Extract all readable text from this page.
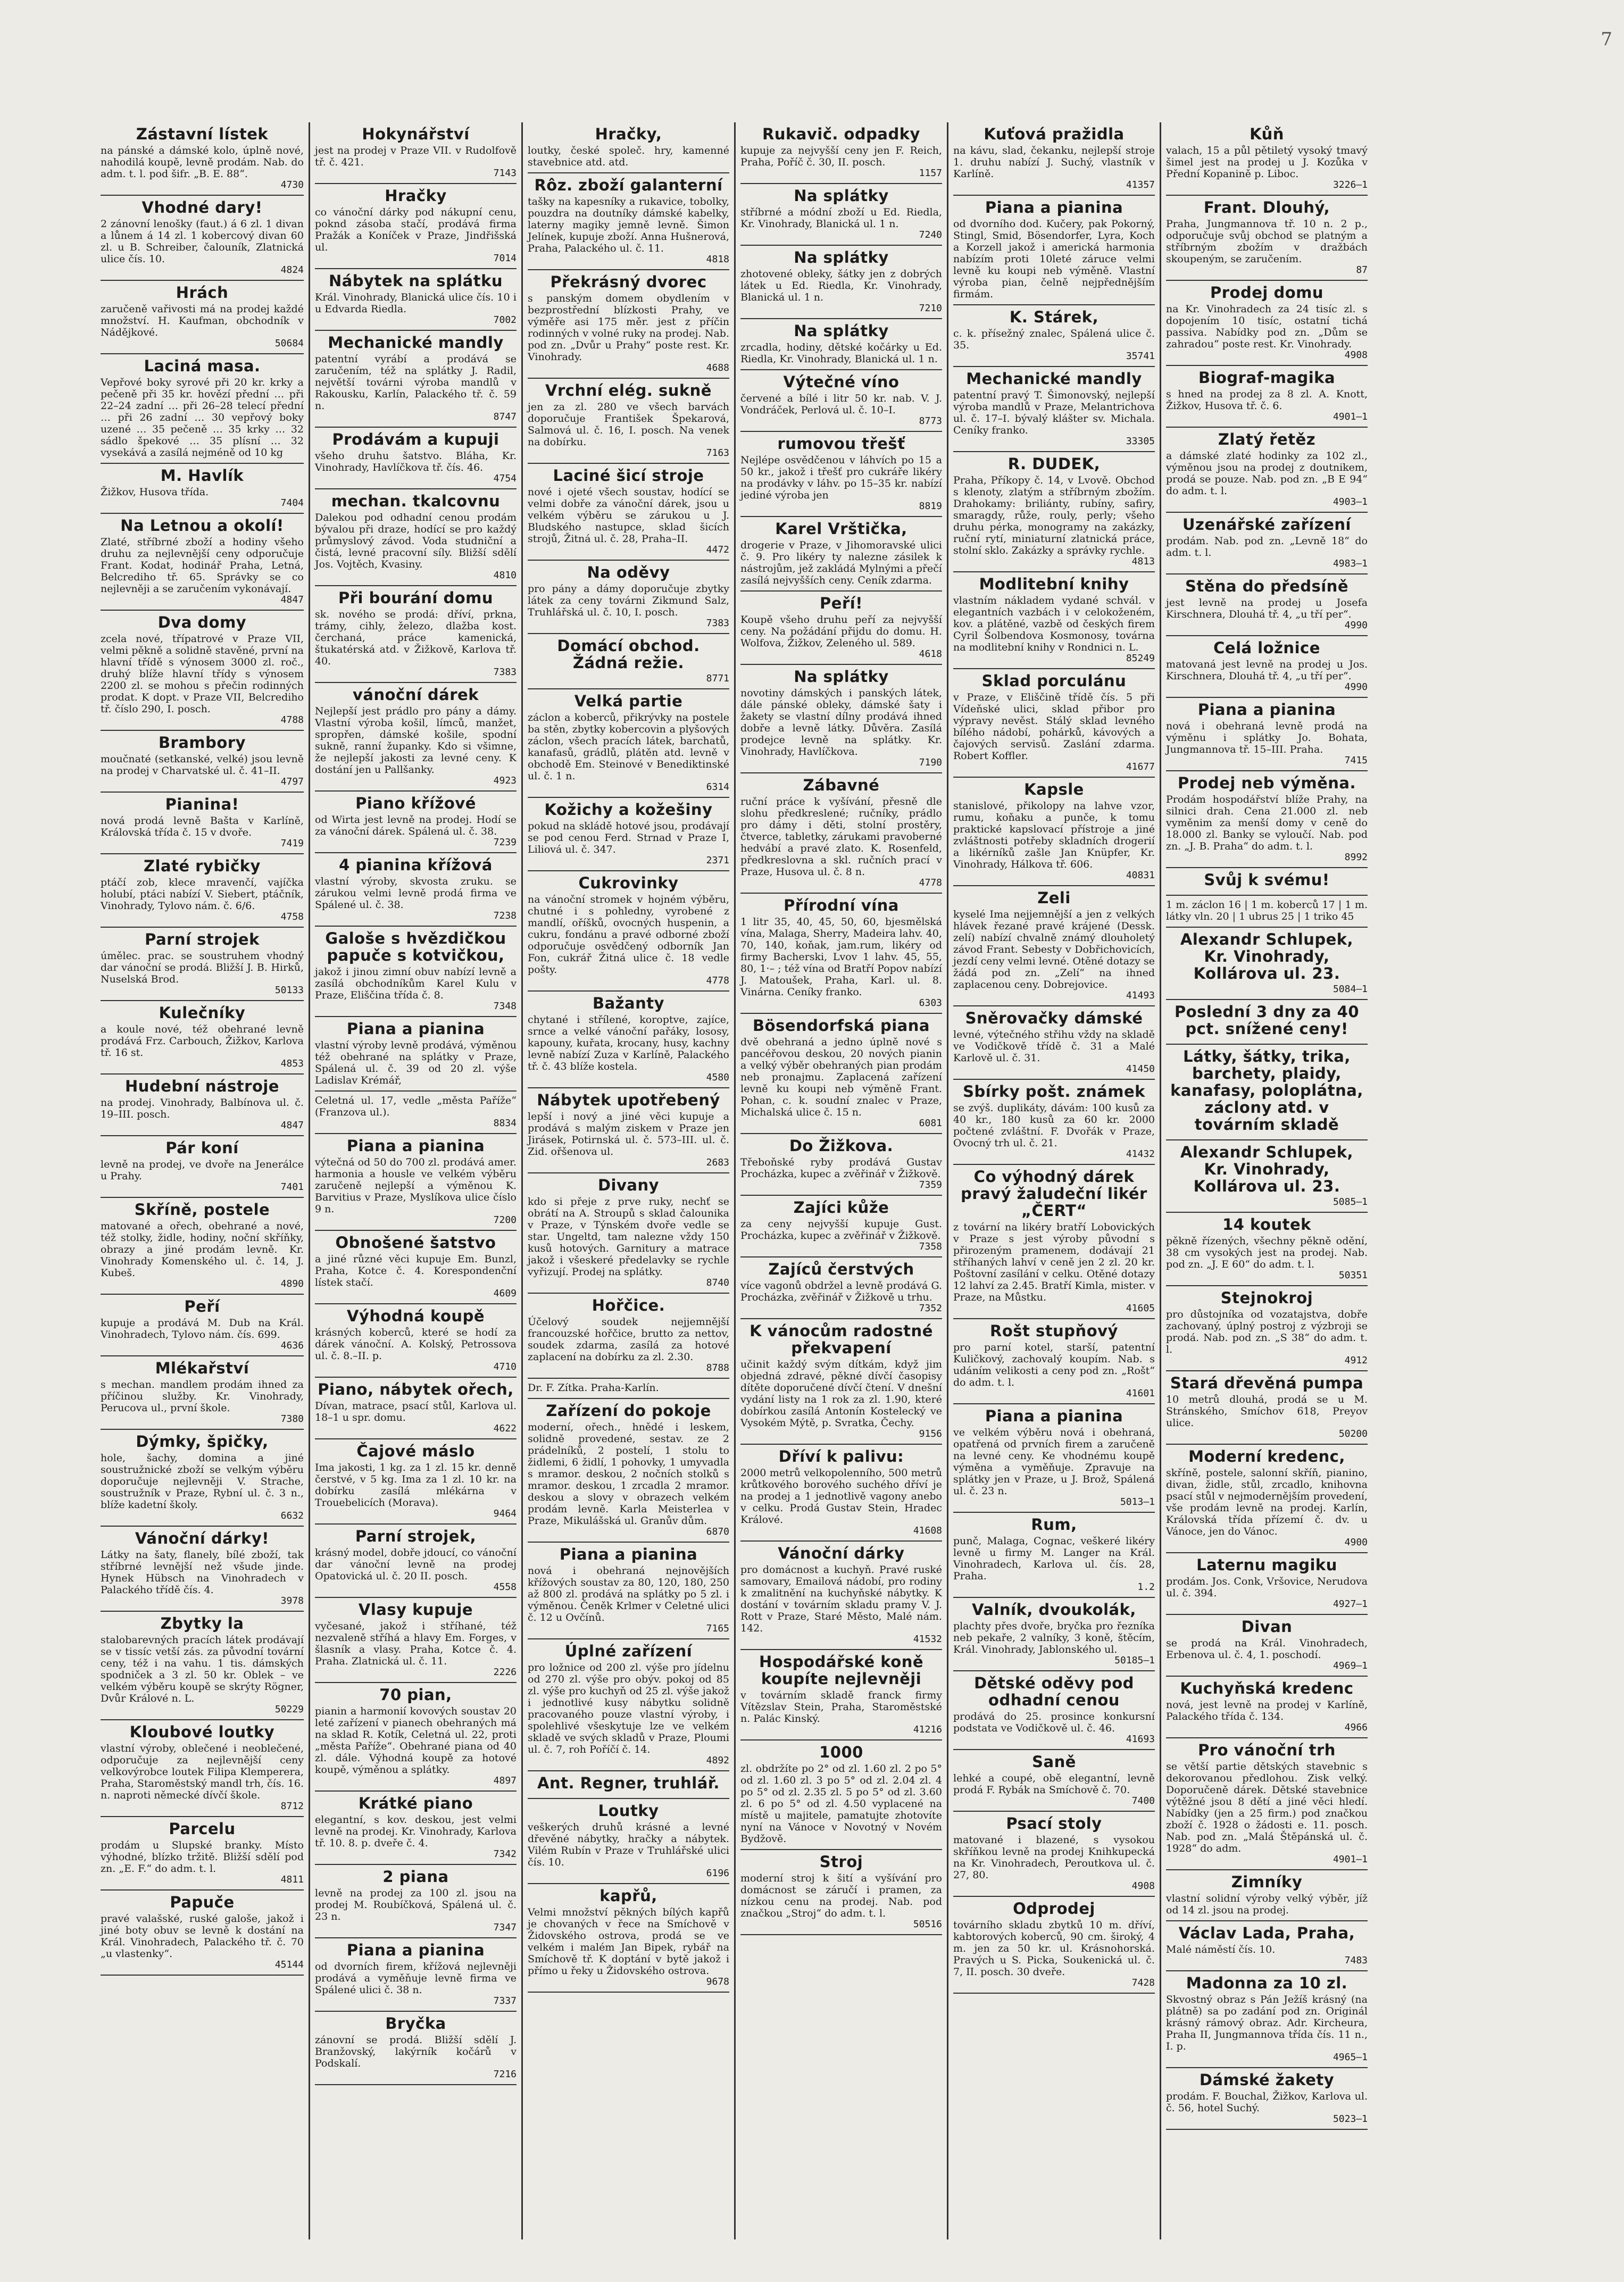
7
Zástavní lístek

na pánské a dámské kolo, úplně nové, nahodilá koupě, levně prodám. Nab. do adm. t. l. pod šifr. „B. E. 88“.

4730
Vhodné dary!

2 zánovní lenošky (faut.) á 6 zl. 1 divan a lůnem á 14 zl. 1 kobercový divan 60 zl. u B. Schreiber, čalouník, Zlatnická ulice čís. 10.

4824
Hrách

zaručeně vařivosti má na prodej každé množství. H. Kaufman, obchodník v Nádějkové.

50684
Laciná masa.

Vepřové boky syrové při 20 kr. krky a pečeně při 35 kr. hovězí přední … při 22–24 zadní … při 26–28 telecí přední … při 26 zadní … 30 vepřový boky uzené … 35 pečeně … 35 krky … 32 sádlo špekové … 35 plísní … 32 vysekává a zasílá nejméně od 10 kg

M. Havlík

Žižkov, Husova třída.

7404
Na Letnou a okolí!

Zlaté, stříbrné zboží a hodiny všeho druhu za nejlevnější ceny odporučuje Frant. Kodat, hodinář Praha, Letná, Belcrediho tř. 65. Správky se co nejlevněji a se zaručením vykonávají.

4847
Dva domy

zcela nové, třípatrové v Praze VII, velmi pěkně a solidně stavěné, první na hlavní třídě s výnosem 3000 zl. roč., druhý blíže hlavní třídy s výnosem 2200 zl. se mohou s přečin rodinných prodat. K dopt. v Praze VII, Belcrediho tř. číslo 290, I. posch.

4788
Brambory

moučnaté (setkanské, velké) jsou levně na prodej v Charvatské ul. č. 41–II.

4797
Pianina!

nová prodá levně Bašta v Karlíně, Královská třída č. 15 v dvoře.

7419
Zlaté rybičky

ptáčí zob, klece mravenčí, vajíčka holubí, ptáci nabízí V. Siebert, ptáčník, Vinohrady, Tylovo nám. č. 6/6.

4758
Parní strojek

úmělec. prac. se soustruhem vhodný dar vánoční se prodá. Bližší J. B. Hirků, Nuselská Brod.

50133
Kulečníky

a koule nové, též obehrané levně prodává Frz. Carbouch, Žižkov, Karlova tř. 16 st.

4853
Hudební nástroje

na prodej. Vinohrady, Balbínova ul. č. 19–III. posch.

4847
Pár koní

levně na prodej, ve dvoře na Jenerálce u Prahy.

7401
Skříně, postele

matované a ořech, obehrané a nové, též stolky, židle, hodiny, noční skříňky, obrazy a jiné prodám levně. Kr. Vinohrady Komenského ul. č. 14, J. Kubeš.

4890
Peří

kupuje a prodává M. Dub na Král. Vinohradech, Tylovo nám. čís. 699.

4636
Mlékařství

s mechan. mandlem prodám ihned za příčinou služby. Kr. Vinohrady, Perucova ul., první škole.

7380
Dýmky, špičky,

hole, šachy, domina a jiné soustružnické zboží se velkým výběru doporučuje nejlevněji V. Strache, soustružník v Praze, Rybní ul. č. 3 n., blíže kadetní školy.

6632
Vánoční dárky!

Látky na šaty, flanely, bílé zboží, tak stříbrné levnější než všude jinde. Hynek Hübsch na Vinohradech v Palackého třídě čís. 4.

3978
Zbytky la

stalobarevných pracích látek prodávají se v tissíc vetší zás. za původní tovární ceny, též i na vahu. 1 tis. dámských spodniček a 3 zl. 50 kr. Oblek – ve velkém výběru koupě se skrýty Rögner, Dvůr Králové n. L.

50229
Kloubové loutky

vlastní výroby, oblečené i neoblečené, odporučuje za nejlevnější ceny velkovýrobce loutek Filipa Klemperera, Praha, Staroměstský mandl trh, čís. 16. n. naproti německé dívčí škole.

8712
Parcelu

prodám u Slupské branky. Místo výhodné, blízko tržitě. Bližší sdělí pod zn. „E. F.“ do adm. t. l.

4811
Papuče

pravé valašské, ruské galoše, jakož i jiné boty obuv se levně k dostání na Král. Vinohradech, Palackého tř. č. 70 „u vlastenky“.

45144
Hokynářství

jest na prodej v Praze VII. v Rudolfově tř. č. 421.

7143
Hračky

co vánoční dárky pod nákupní cenu, poknd zásoba stačí, prodává firma Pražák a Koníček v Praze, Jindřišská ul.

7014
Nábytek na splátku

Král. Vinohrady, Blanická ulice čís. 10 i u Edvarda Riedla.

7002
Mechanické mandly

patentní vyrábí a prodává se zaručením, též na splátky J. Radil, největší továrni výroba mandlů v Rakousku, Karlín, Palackého tř. č. 59 n.

8747
Prodávám a kupuji

všeho druhu šatstvo. Bláha, Kr. Vinohrady, Havlíčkova tř. čís. 46.

4754
mechan. tkalcovnu

Dalekou pod odhadní cenou prodám bývalou při draze, hodící se pro každý průmyslový závod. Voda studniční a čistá, levné pracovní síly. Bližší sdělí Jos. Vojtěch, Kvasiny.

4810
Při bourání domu

sk. nového se prodá: dříví, prkna, trámy, cihly, železo, dlažba kost. čerchaná, práce kamenická, štukatérská atd. v Žižkově, Karlova tř. 40.

7383
vánoční dárek

Nejlepší jest prádlo pro pány a dámy. Vlastní výroba košil, límců, manžet, spropřen, dámské košile, spodní sukně, ranní županky. Kdo si všimne, že nejlepší jakosti za levné ceny. K dostání jen u Pallšanky.

4923
Piano křížové

od Wirta jest levně na prodej. Hodí se za vánoční dárek. Spálená ul. č. 38.

7239
4 pianina křížová

vlastní výroby, skvosta zruku. se zárukou velmi levně prodá firma ve Spálené ul. č. 38.

7238
Galoše s hvězdičkou papuče s kotvičkou,

jakož i jinou zimní obuv nabízí levně a zasílá obchodníkům Karel Kulu v Praze, Eliščina třída č. 8.

7348
Piana a pianina

vlastní výroby levně prodává, výměnou též obehrané na splátky v Praze, Spálená ul. č. 39 od 20 zl. výše Ladislav Krémář,

Celetná ul. 17, vedle „města Paříže“ (Franzova ul.).

8834
Piana a pianina

výtečná od 50 do 700 zl. prodává amer. harmonia a housle ve velkém výběru zaručeně nejlepší a výměnou K. Barvitius v Praze, Myslíkova ulice číslo 9 n.

7200
Obnošené šatstvo

a jiné různé věci kupuje Em. Bunzl, Praha, Kotce č. 4. Korespondenční lístek stačí.

4609
Výhodná koupě

krásných koberců, které se hodí za dárek vánoční. A. Kolský, Petrossova ul. č. 8.–II. p.

4710
Piano, nábytek ořech,

Dívan, matrace, psací stůl, Karlova ul. 18–1 u spr. domu.

4622
Čajové máslo

Ima jakosti, 1 kg. za 1 zl. 15 kr. denně čerstvé, v 5 kg. Ima za 1 zl. 10 kr. na dobírku zasílá mlékárna v Trouebelicích (Morava).

9464
Parní strojek,

krásný model, dobře jdoucí, co vánoční dar vánoční levně na prodej Opatovická ul. č. 20 II. posch.

4558
Vlasy kupuje

vyčesané, jakož i stříhané, též nezvaleně stříhá a hlavy Em. Forges, v šlasník a vlasy. Praha, Kotce č. 4. Praha. Zlatnická ul. č. 11.

2226
70 pian,

pianin a harmonií kovových soustav 20 leté zařízení v pianech obehraných má na sklad R. Kotík, Celetná ul. 22, proti „města Paříže“. Obehrané piana od 40 zl. dále. Výhodná koupě za hotové koupě, výměnou a splátky.

4897
Krátké piano

elegantní, s kov. deskou, jest velmi levně na prodej. Kr. Vinohrady, Karlova tř. 10. 8. p. dveře č. 4.

7342
2 piana

levně na prodej za 100 zl. jsou na prodej M. Roubíčková, Spálená ul. č. 23 n.

7347
Piana a pianina

od dvorních firem, křížová nejlevněji prodává a vyměňuje levně firma ve Spálené ulici č. 38 n.

7337
Bryčka

zánovní se prodá. Bližší sdělí J. Branžovský, lakýrník kočárů v Podskalí.

7216
Hračky,

loutky, české společ. hry, kamenné stavebnice atd. atd.

Rôz. zboží galanterní

tašky na kapesníky a rukavice, tobolky, pouzdra na doutníky dámské kabelky, laterny magiky jemně levně. Šimon Jelínek, kupuje zboží. Anna Hušnerová, Praha, Palackého ul. č. 11.

4818
Překrásný dvorec

s panským domem obydlením v bezprostřední blízkosti Prahy, ve výměře asi 175 měr. jest z příčin rodinných v volné ruky na prodej. Nab. pod zn. „Dvůr u Prahy“ poste rest. Kr. Vinohrady.

4688
Vrchní elég. sukně

jen za zl. 280 ve všech barvách doporučuje František Špekarová, Salmová ul. č. 16, I. posch. Na venek na dobírku.

7163
Laciné šicí stroje

nové i ojeté všech soustav, hodící se velmi dobře za vánoční dárek, jsou u velkém výběru se zárukou u J. Bludského nastupce, sklad šicích strojů, Žitná ul. č. 28, Praha–II.

4472
Na oděvy

pro pány a dámy doporučuje zbytky látek za ceny továrni Zikmund Salz, Truhlářská ul. č. 10, I. posch.

7383
Domácí obchod. Žádná režie.
8771
Velká partie

záclon a koberců, přikrývky na postele ba stěn, zbytky kobercovin a plyšových záclon, všech pracích látek, barchatů, kanafasů, grádlů, plátěn atd. levně v obchodě Em. Steinové v Benediktinské ul. č. 1 n.

6314
Kožichy a kožešiny

pokud na skládě hotové jsou, prodávají se pod cenou Ferd. Strnad v Praze I, Liliová ul. č. 347.

2371
Cukrovinky

na vánoční stromek v hojném výběru, chutné i s pohledny, vyrobené z mandlí, oříšků, ovocných huspenin, a cukru, fondánu a pravé odborné zboží odporučuje osvědčený odborník Jan Fon, cukrář Žitná ulice č. 18 vedle pošty.

4778
Bažanty

chytané i střílené, koroptve, zajíce, srnce a velké vánoční pařáky, lososy, kapouny, kuřata, krocany, husy, kachny levně nabízí Zuza v Karlíně, Palackého tř. č. 43 blíže kostela.

4580
Nábytek upotřebený

lepší i nový a jiné věci kupuje a prodává s malým ziskem v Praze jen Jirásek, Potirnská ul. č. 573–III. ul. č. Zid. ořšenova ul.

2683
Divany

kdo si přeje z prve ruky, nechť se obrátí na A. Stroupů s sklad čalounika v Praze, v Týnském dvoře vedle se star. Ungeltd, tam nalezne vždy 150 kusů hotových. Garnitury a matrace jakož i všeskeré předelavky se rychle vyřizují. Prodej na splátky.

8740
Hořčice.

Účelový soudek nejjemnější francouzské hořčice, brutto za nettov, soudek zdarma, zasílá za hotové zaplacení na dobírku za zl. 2.30.

8788

Dr. F. Zítka. Praha-Karlín.

Zařízení do pokoje

moderní, ořech., hnědé i leskem, solidně provedené, sestav. ze 2 prádelníků, 2 postelí, 1 stolu to židlemi, 6 židlí, 1 pohovky, 1 umyvadla s mramor. deskou, 2 nočních stolků s mramor. deskou, 1 zrcadla 2 mramor. deskou a slovy v obrazech velkém prodám levně. Karla Meisterlea v Praze, Mikulášská ul. Granův dům.

6870
Piana a pianina

nová i obehraná nejnovějších křížových soustav za 80, 120, 180, 250 až 800 zl. prodává na splátky po 5 zl. i výměnou. Čeněk Krlmer v Celetné ulici č. 12 u Ovčínů.

7165
Úplné zařízení

pro ložnice od 200 zl. výše pro jídelnu od 270 zl. výše pro obýv. pokoj od 85 zl. výše pro kuchyň od 25 zl. výše jakož i jednotlivé kusy nábytku solidně pracovaného pouze vlastní výroby, i spolehlivé všeskytuje lze ve velkém skladě ve svých skladů v Praze, Ploumi ul. č. 7, roh Poříčí č. 14.

4892
Ant. Regner, truhlář.
Loutky

veškerých druhů krásné a levné dřevěné nábytky, hračky a nábytek. Vilém Rubín v Praze v Truhlářské ulici čís. 10.

6196
kapřů,

Velmi množství pěkných bílých kapřů je chovaných v řece na Smíchově v Židovského ostrova, prodá se ve velkém i malém Jan Bipek, rybář na Smíchově tř. K doptání v bytě jakož i přímo u řeky u Židovského ostrova.

9678
Rukavič. odpadky

kupuje za nejvyšší ceny jen F. Reich, Praha, Poříč č. 30, II. posch.

1157
Na splátky

stříbrné a módní zboží u Ed. Riedla, Kr. Vinohrady, Blanická ul. 1 n.

7240
Na splátky

zhotovené obleky, šátky jen z dobrých látek u Ed. Riedla, Kr. Vinohrady, Blanická ul. 1 n.

7210
Na splátky

zrcadla, hodiny, dětské kočárky u Ed. Riedla, Kr. Vinohrady, Blanická ul. 1 n.

Výtečné víno

červené a bílé i litr 50 kr. nab. V. J. Vondráček, Perlová ul. č. 10–I.

8773
rumovou třešť

Nejlépe osvědčenou v láhvích po 15 a 50 kr., jakož i třešť pro cukráře likéry na prodávky v láhv. po 15–35 kr. nabízí jediné výroba jen

8819
Karel Vrštička,

drogerie v Praze, v Jihomoravské ulici č. 9. Pro likéry ty nalezne zásilek k nástrojům, jež zakládá Mylnými a přečí zasílá nejvyšších ceny. Ceník zdarma.

Peří!

Koupě všeho druhu peří za nejvyšší ceny. Na požádání přijdu do domu. H. Wolfova, Žižkov, Zeleného ul. 589.

4618
Na splátky

novotiny dámských i panských látek, dále pánské obleky, dámské šaty i žakety se vlastní dílny prodává ihned dobře a levně látky. Důvěra. Zasílá prodejce levně na splátky. Kr. Vinohrady, Havlíčkova.

7190
Zábavné

ruční práce k vyšívání, přesně dle slohu předkreslené; ručníky, prádlo pro dámy i děti, stolní prostěry, čtverce, tabletky, zárukami pravoberné hedvábí a pravé zlato. K. Rosenfeld, předkreslovna a skl. ručních prací v Praze, Husova ul. č. 8 n.

4778
Přírodní vína

1 litr 35, 40, 45, 50, 60, bjesmělská vína, Malaga, Sherry, Madeira lahv. 40, 70, 140, koňak, jam.rum, likéry od firmy Bacherski, Lvov 1 lahv. 45, 55, 80, 1·– ; též vína od Bratří Popov nabízí J. Matoušek, Praha, Karl. ul. 8. Vinárna. Ceníky franko.

6303
Bösendorfská piana

dvě obehraná a jedno úplně nové s pancéřovou deskou, 20 nových pianin a velký výběr obehraných pian prodám neb pronajmu. Zaplacená zařízení levně ku koupi neb výměně Frant. Pohan, c. k. soudní znalec v Praze, Michalská ulice č. 15 n.

6081
Do Žižkova.

Třeboňské ryby prodává Gustav Procházka, kupec a zvěřinář v Žižkově.

7359
Zajíci kůže

za ceny nejvyšší kupuje Gust. Procházka, kupec a zvěřinář v Žižkově.

7358
Zajíců čerstvých

více vagonů obdržel a levně prodává G. Procházka, zvěřinář v Žižkově u trhu.

7352
K vánocům radostné překvapení

učinit každý svým dítkám, když jim objedná zdravé, pěkné dívčí časopisy dítěte doporučené dívčí čtení. V dnešní vydání listy na 1 rok za zl. 1.90, které dobírkou zasílá Antonín Kostelecký ve Vysokém Mýtě, p. Svratka, Čechy.

9156
Dříví k palivu:

2000 metrů velkopolenního, 500 metrů krůtkového borového suchého dříví je na prodej a 1 jednotlivě vagony anebo v celku. Prodá Gustav Stein, Hradec Králové.

41608
Vánoční dárky

pro domácnost a kuchyň. Pravé ruské samovary, Emailová nádobí, pro rodiny k zmalitnění na kuchyňské nábytky. K dostání v továrním skladu pramy V. J. Rott v Praze, Staré Město, Malé nám. 142.

41532
Hospodářské koně koupíte nejlevněji

v továrním skladě franck firmy Vítězslav Stein, Praha, Staroměstské n. Palác Kinský.

41216
1000

zl. obdržíte po 2° od zl. 1.60 zl. 2 po 5° od zl. 1.60 zl. 3 po 5° od zl. 2.04 zl. 4 po 5° od zl. 2.35 zl. 5 po 5° od zl. 3.60 zl. 6 po 5° od zl. 4.50 vyplacené na místě u majitele, pamatujte zhotovíte nyní na Vánoce v Novotný v Novém Bydžově.

Stroj

moderní stroj k šití a vyšívání pro domácnost se záručí i pramen, za nízkou cenu na prodej. Nab. pod značkou „Stroj“ do adm. t. l.

50516
Kuťová pražidla

na kávu, slad, čekanku, nejlepší stroje 1. druhu nabízí J. Suchý, vlastník v Karlíně.

41357
Piana a pianina

od dvorního dod. Kučery, pak Pokorný, Stingl, Smid, Bösendorfer, Lyra, Koch a Korzell jakož i americká harmonia nabízím proti 10leté záruce velmi levně ku koupi neb výměně. Vlastní výroba pian, čelně nejpřednějším firmám.

K. Stárek,

c. k. přísežný znalec, Spálená ulice č. 35.

35741
Mechanické mandly

patentní pravý T. Šimonovský, nejlepší výroba mandlů v Praze, Melantrichova ul. č. 17–I. bývalý klášter sv. Michala. Ceníky franko.

33305
R. DUDEK,

Praha, Příkopy č. 14, v Lvově. Obchod s klenoty, zlatým a stříbrným zbožím. Drahokamy: briliánty, rubíny, safiry, smaragdy, růže, rouly, perly; všeho druhu pérka, monogramy na zakázky, ruční rytí, miniaturní zlatnická práce, stolní sklo. Zakázky a správky rychle.

4813
Modlitební knihy

vlastním nákladem vydané schvál. v elegantních vazbách i v celokoženém, kov. a plátěné, vazbě od českých firem Cyril Šolbendova Kosmonosy, továrna na modlitební knihy v Rondnici n. L.

85249
Sklad porculánu

v Praze, v Eliščině třídě čís. 5 při Vídeňské ulici, sklad přibor pro výpravy nevěst. Stálý sklad levného bílého nádobí, pohárků, kávových a čajových servisů. Zaslání zdarma. Robert Koffler.

41677
Kapsle

stanislové, přikolopy na lahve vzor, rumu, koňaku a punče, k tomu praktické kapslovací přístroje a jiné zvláštnosti potřeby skladních drogerií a likérníků zašle Jan Knüpfer, Kr. Vinohrady, Hálkova tř. 606.

40831
Zeli

kyselé Ima nejjemnější a jen z velkých hlávek řezané pravé krájené (Dessk. zelí) nabízí chvalně známý dlouholetý závod Frant. Sebesty v Dobřichovicích, jezdí ceny velmi levné. Otěné dotazy se žádá pod zn. „Zelí“ na ihned zaplacenou ceny. Dobrejovice.

41493
Sněrovačky dámské

levné, výtečného střihu vždy na skladě ve Vodičkově třídě č. 31 a Malé Karlově ul. č. 31.

41450
Sbírky pošt. známek

se zvýš. duplikáty, dávám: 100 kusů za 40 kr., 180 kusů za 60 kr. 2000 počtené zvláštní. F. Dvořák v Praze, Ovocný trh ul. č. 21.

41432
Co výhodný dárek pravý žaludeční likér „ČERT“

z tovární na likéry bratří Lobovických v Praze s jest výroby původní s přirozeným pramenem, dodávají 21 stříhaných lahví v ceně jen 2 zl. 20 kr. Poštovní zasílání v celku. Otěné dotazy 12 lahví za 2.45. Bratří Kimla, mister. v Praze, na Můstku.

41605
Rošt stupňový

pro parní kotel, starší, patentní Kuličkový, zachovalý koupím. Nab. s udáním velikosti a ceny pod zn. „Rošt“ do adm. t. l.

41601
Piana a pianina

ve velkém výběru nová i obehraná, opatřená od prvních firem a zaručeně na levné ceny. Ke vhodnému koupě výměna a vyměňuje. Zpravuje na splátky jen v Praze, u J. Brož, Spálená ul. č. 23 n.

5013–1
Rum,

punč, Malaga, Cognac, veškeré likéry levně u firmy M. Langer na Král. Vinohradech, Karlova ul. čís. 28, Praha.

1.2
Valník, dvoukolák,

plachty přes dvoře, bryčka pro řezníka neb pekaře, 2 valníky, 3 koně, štěcím, Král. Vinohrady, Jablonského ul.

50185–1
Dětské oděvy pod odhadní cenou

prodává do 25. prosince konkursní podstata ve Vodičkově ul. č. 46.

41693
Saně

lehké a coupé, obě elegantní, levně prodá F. Rybák na Smíchově č. 70.

7400
Psací stoly

matované i blazené, s vysokou skříňkou levně na prodej Knihkupecká na Kr. Vinohradech, Peroutkova ul. č. 27, 80.

4908
Odprodej

továrního skladu zbytků 10 m. dříví, kabtorových koberců, 90 cm. široký, 4 m. jen za 50 kr. ul. Krásnohorská. Pravých u S. Picka, Soukenická ul. č. 7, II. posch. 30 dveře.

7428
Kůň

valach, 15 a půl pětiletý vysoký tmavý šimel jest na prodej u J. Kozůka v Přední Kopanině p. Liboc.

3226–1
Frant. Dlouhý,

Praha, Jungmannova tř. 10 n. 2 p., odporučuje svůj obchod se platným a stříbrným zbožím v dražbách skoupeným, se zaručením.

87
Prodej domu

na Kr. Vinohradech za 24 tisíc zl. s dopojením 10 tisíc, ostatní tichá passiva. Nabídky pod zn. „Dům se zahradou“ poste rest. Kr. Vinohrady.

4908
Biograf-magika

s hned na prodej za 8 zl. A. Knott, Žižkov, Husova tř. č. 6.

4901–1
Zlatý řetěz

a dámské zlaté hodinky za 102 zl., výměnou jsou na prodej z doutnikem, prodá se pouze. Nab. pod zn. „B E 94“ do adm. t. l.

4903–1
Uzenářské zařízení

prodám. Nab. pod zn. „Levně 18“ do adm. t. l.

4983–1
Stěna do předsíně

jest levně na prodej u Josefa Kirschnera, Dlouhá tř. 4, „u tří per“.

4990
Celá ložnice

matovaná jest levně na prodej u Jos. Kirschnera, Dlouhá tř. 4, „u tří per“.

4990
Piana a pianina

nová i obehraná levně prodá na výměnu i splátky Jo. Bohata, Jungmannova tř. 15–III. Praha.

7415
Prodej neb výměna.

Prodám hospodářství blíže Prahy, na silnici drah. Cena 21.000 zl. neb vyměnim za menší domy v ceně do 18.000 zl. Banky se vyloučí. Nab. pod zn. „J. B. Praha“ do adm. t. l.

8992
Svůj k svému!

1 m. záclon 16 | 1 m. koberců 17 | 1 m. látky vln. 20 | 1 ubrus 25 | 1 triko 45

Alexandr Schlupek, Kr. Vinohrady, Kollárova ul. 23.
5084–1
Poslední 3 dny za 40 pct. snížené ceny!
Látky, šátky, trika, barchety, plaidy, kanafasy, poloplátna, záclony atd. v továrním skladě
Alexandr Schlupek, Kr. Vinohrady, Kollárova ul. 23.
5085–1
14 koutek

pěkně řízených, všechny pěkně odění, 38 cm vysokých jest na prodej. Nab. pod zn. „J. E 60“ do adm. t. l.

50351
Stejnokroj

pro důstojníka od vozatajstva, dobře zachovaný, úplný postroj z výzbroji se prodá. Nab. pod zn. „S 38“ do adm. t. l.

4912
Stará dřevěná pumpa

10 metrů dlouhá, prodá se u M. Stránského, Smíchov 618, Preyov ulice.

50200
Moderní kredenc,

skříně, postele, salonní skříň, pianino, divan, židle, stůl, zrcadlo, knihovna psací stůl v nejmodernějším provedení, vše prodám levně na prodej. Karlín, Královská třída přízemí č. dv. u Vánoce, jen do Vánoc.

4900
Laternu magiku

prodám. Jos. Conk, Vršovice, Nerudova ul. č. 394.

4927–1
Divan

se prodá na Král. Vinohradech, Erbenova ul. č. 4, 1. poschodí.

4969–1
Kuchyňská kredenc

nová, jest levně na prodej v Karlíně, Palackého třída č. 134.

4966
Pro vánoční trh

se větší partie dětských stavebnic s dekorovanou předlohou. Zisk velký. Doporučeně dárek. Dětské stavebnice výtěžné jsou 8 dětí a jiné věci hledí. Nabídky (jen a 25 firm.) pod značkou zboží č. 1928 o žádosti e. 11. posch. Nab. pod zn. „Malá Štěpánská ul. č. 1928“ do adm.

4901–1
Zimníky

vlastní solidní výroby velký výběr, jíž od 14 zl. jsou na prodej.

Václav Lada, Praha,

Malé náměstí čís. 10.

7483
Madonna za 10 zl.

Skvostný obraz s Pán Ježíš krásný (na plátně) sa po zadání pod zn. Originál krásný rámový obraz. Adr. Kircheura, Praha II, Jungmannova třída čís. 11 n., I. p.

4965–1
Dámské žakety

prodám. F. Bouchal, Žižkov, Karlova ul. č. 56, hotel Suchý.

5023–1
